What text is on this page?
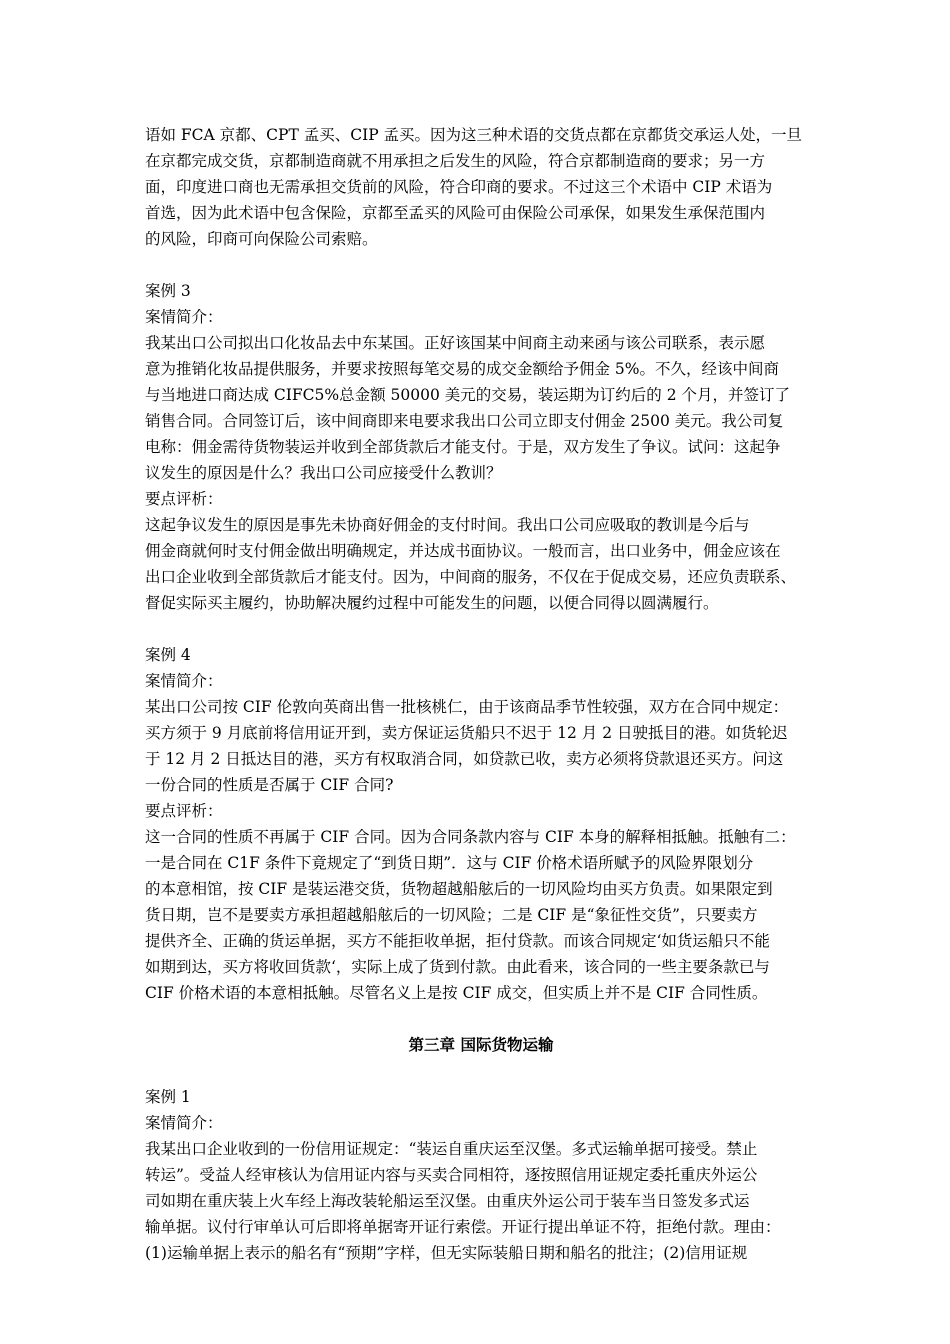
语如 FCA 京都、CPT 孟买、CIP 孟买。因为这三种术语的交货点都在京都货交承运人处，一旦
在京都完成交货，京都制造商就不用承担之后发生的风险，符合京都制造商的要求；另一方
面，印度进口商也无需承担交货前的风险，符合印商的要求。不过这三个术语中 CIP 术语为
首选，因为此术语中包含保险，京都至孟买的风险可由保险公司承保，如果发生承保范围内
的风险，印商可向保险公司索赔。
案例 3
案情简介：
我某出口公司拟出口化妆品去中东某国。正好该国某中间商主动来函与该公司联系，表示愿
意为推销化妆品提供服务，并要求按照每笔交易的成交金额给予佣金 5%。不久，经该中间商
与当地进口商达成 CIFC5%总金额 50000 美元的交易，装运期为订约后的 2 个月，并签订了
销售合同。合同签订后，该中间商即来电要求我出口公司立即支付佣金 2500 美元。我公司复
电称：佣金需待货物装运并收到全部货款后才能支付。于是，双方发生了争议。试问：这起争
议发生的原因是什么？我出口公司应接受什么教训？
要点评析：
这起争议发生的原因是事先未协商好佣金的支付时间。我出口公司应吸取的教训是今后与
佣金商就何时支付佣金做出明确规定，并达成书面协议。一般而言，出口业务中，佣金应该在
出口企业收到全部货款后才能支付。因为，中间商的服务，不仅在于促成交易，还应负责联系、
督促实际买主履约，协助解决履约过程中可能发生的问题，以便合同得以圆满履行。
案例 4
案情简介：
某出口公司按 CIF 伦敦向英商出售一批核桃仁，由于该商品季节性较强，双方在合同中规定：
买方须于 9 月底前将信用证开到，卖方保证运货船只不迟于 12 月 2 日驶抵目的港。如货轮迟
于 12 月 2 日抵达目的港，买方有权取消合同，如贷款已收，卖方必须将贷款退还买方。问这
一份合同的性质是否属于 CIF 合同?
要点评析：
这一合同的性质不再属于 CIF 合同。因为合同条款内容与 CIF 本身的解释相抵触。抵触有二：
一是合同在 C1F 条件下竟规定了“到货日期”．这与 CIF 价格术语所赋予的风险界限划分
的本意相馆，按 CIF 是装运港交货，货物超越船舷后的一切风险均由买方负责。如果限定到
货日期，岂不是要卖方承担超越船舷后的一切风险；二是 CIF 是“象征性交货”，只要卖方
提供齐全、正确的货运单据，买方不能拒收单据，拒付贷款。而该合同规定‘如货运船只不能
如期到达，买方将收回货款‘，实际上成了货到付款。由此看来，该合同的一些主要条款已与
CIF 价格术语的本意相抵触。尽管名义上是按 CIF 成交，但实质上并不是 CIF 合同性质。
第三章 国际货物运输
案例 1
案情简介：
我某出口企业收到的一份信用证规定：“装运自重庆运至汉堡。多式运输单据可接受。禁止
转运”。受益人经审核认为信用证内容与买卖合同相符，逐按照信用证规定委托重庆外运公
司如期在重庆装上火车经上海改装轮船运至汉堡。由重庆外运公司于装车当日签发多式运
输单据。议付行审单认可后即将单据寄开证行索偿。开证行提出单证不符，拒绝付款。理由：
(1)运输单据上表示的船名有“预期”字样，但无实际装船日期和船名的批注；(2)信用证规
